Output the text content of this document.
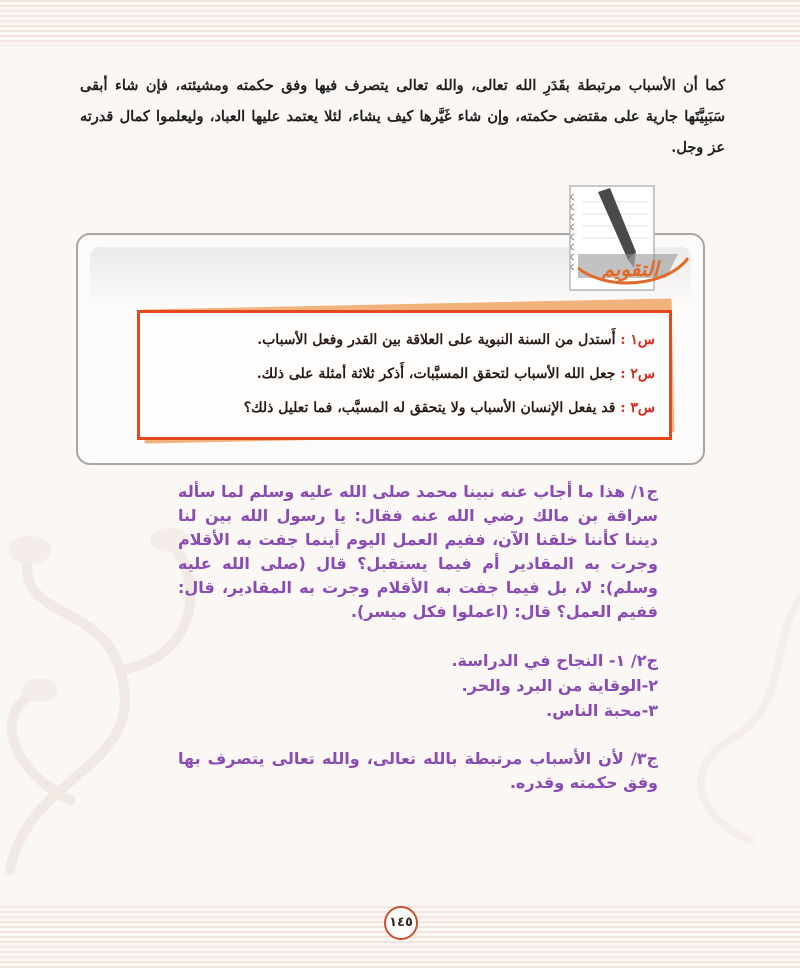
كما أن الأسباب مرتبطة بقَدَرِ الله تعالى، والله تعالى يتصرف فيها وفق حكمته ومشيئته، فإن شاء أبقى سَبَبِيَّتَها جارية على مقتضى حكمته، وإن شاء غَيَّرها كيف يشاء، لئلا يعتمد عليها العباد، وليعلموا كمال قدرته عز وجل.
التقويم
س١ : أَستدل من السنة النبوية على العلاقة بين القدر وفعل الأسباب.
س٢ : جعل الله الأسباب لتحقق المسبَّبات، أَذكر ثلاثة أمثلة على ذلك.
س٣ : قد يفعل الإنسان الأسباب ولا يتحقق له المسبَّب، فما تعليل ذلك؟

ج١/ هذا ما أجاب عنه نبينا محمد صلى الله عليه وسلم لما سأله سراقة بن مالك رضي الله عنه فقال: يا رسول الله بين لنا ديننا كأننا خلقنا الآن، ففيم العمل اليوم أينما جفت به الأقلام وجرت به المقادير أم فيما يستقبل؟ قال (صلى الله عليه وسلم): لا، بل فيما جفت به الأقلام وجرت به المقادير، قال: ففيم العمل؟ قال: (اعملوا فكل ميسر).

ج٢/ ١- النجاح في الدراسة.
٢-الوقاية من البرد والحر.
٣-محبة الناس.

ج٣/ لأن الأسباب مرتبطة بالله تعالى، والله تعالى يتصرف بها وفق حكمته وقدره.

١٤٥
